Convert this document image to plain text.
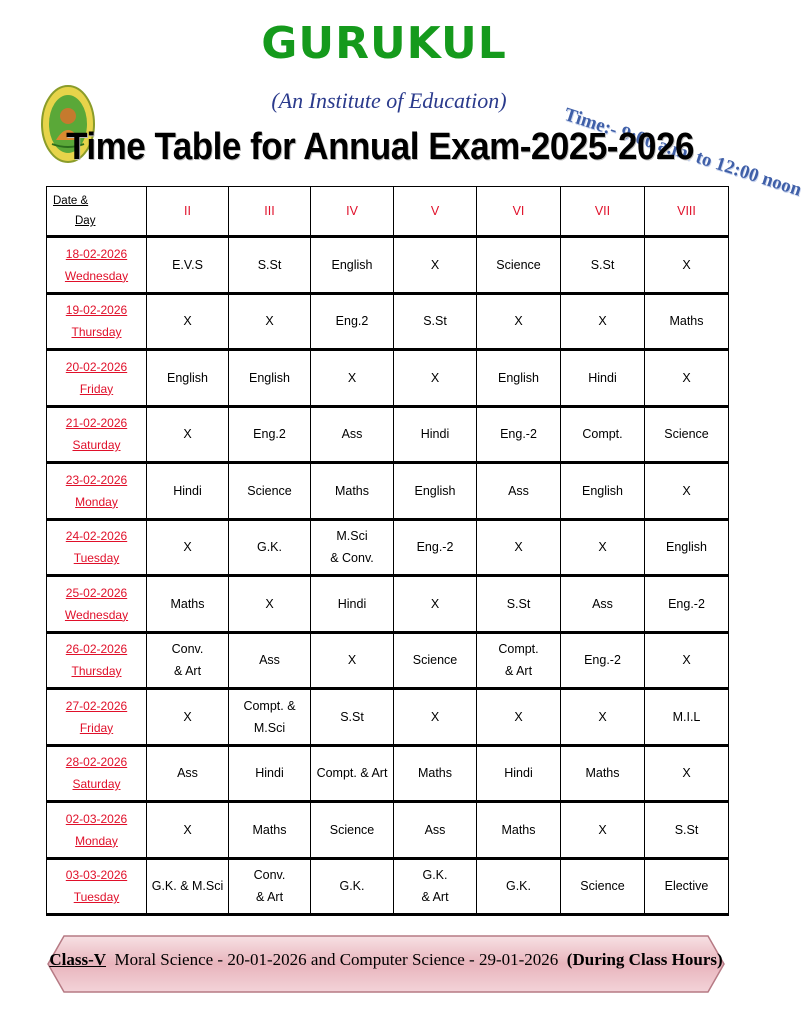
GURUKUL
(An Institute of Education)
Time:- 9:00 a.m. to 12:00 noon
Time Table for Annual Exam-2025-2026
Date &
Day	II	III	IV	V	VI	VII	VIII

18-02-2026
Wednesday	E.V.S	S.St	English	X	Science	S.St	X

19-02-2026
Thursday	X	X	Eng.2	S.St	X	X	Maths

20-02-2026
Friday	English	English	X	X	English	Hindi	X

21-02-2026
Saturday	X	Eng.2	Ass	Hindi	Eng.-2	Compt.	Science

23-02-2026
Monday	Hindi	Science	Maths	English	Ass	English	X

24-02-2026
Tuesday	X	G.K.	M.Sci
& Conv.	Eng.-2	X	X	English

25-02-2026
Wednesday	Maths	X	Hindi	X	S.St	Ass	Eng.-2

26-02-2026
Thursday	Conv.
& Art	Ass	X	Science	Compt.
& Art	Eng.-2	X

27-02-2026
Friday	X	Compt. & M.Sci	S.St	X	X	X	M.I.L

28-02-2026
Saturday	Ass	Hindi	Compt. & Art	Maths	Hindi	Maths	X

02-03-2026
Monday	X	Maths	Science	Ass	Maths	X	S.St

03-03-2026
Tuesday	G.K. & M.Sci	Conv.
& Art	G.K.	G.K.
& Art	G.K.	Science	Elective
Class-V Moral Science - 20-01-2026 and Computer Science - 29-01-2026 (During Class Hours)
